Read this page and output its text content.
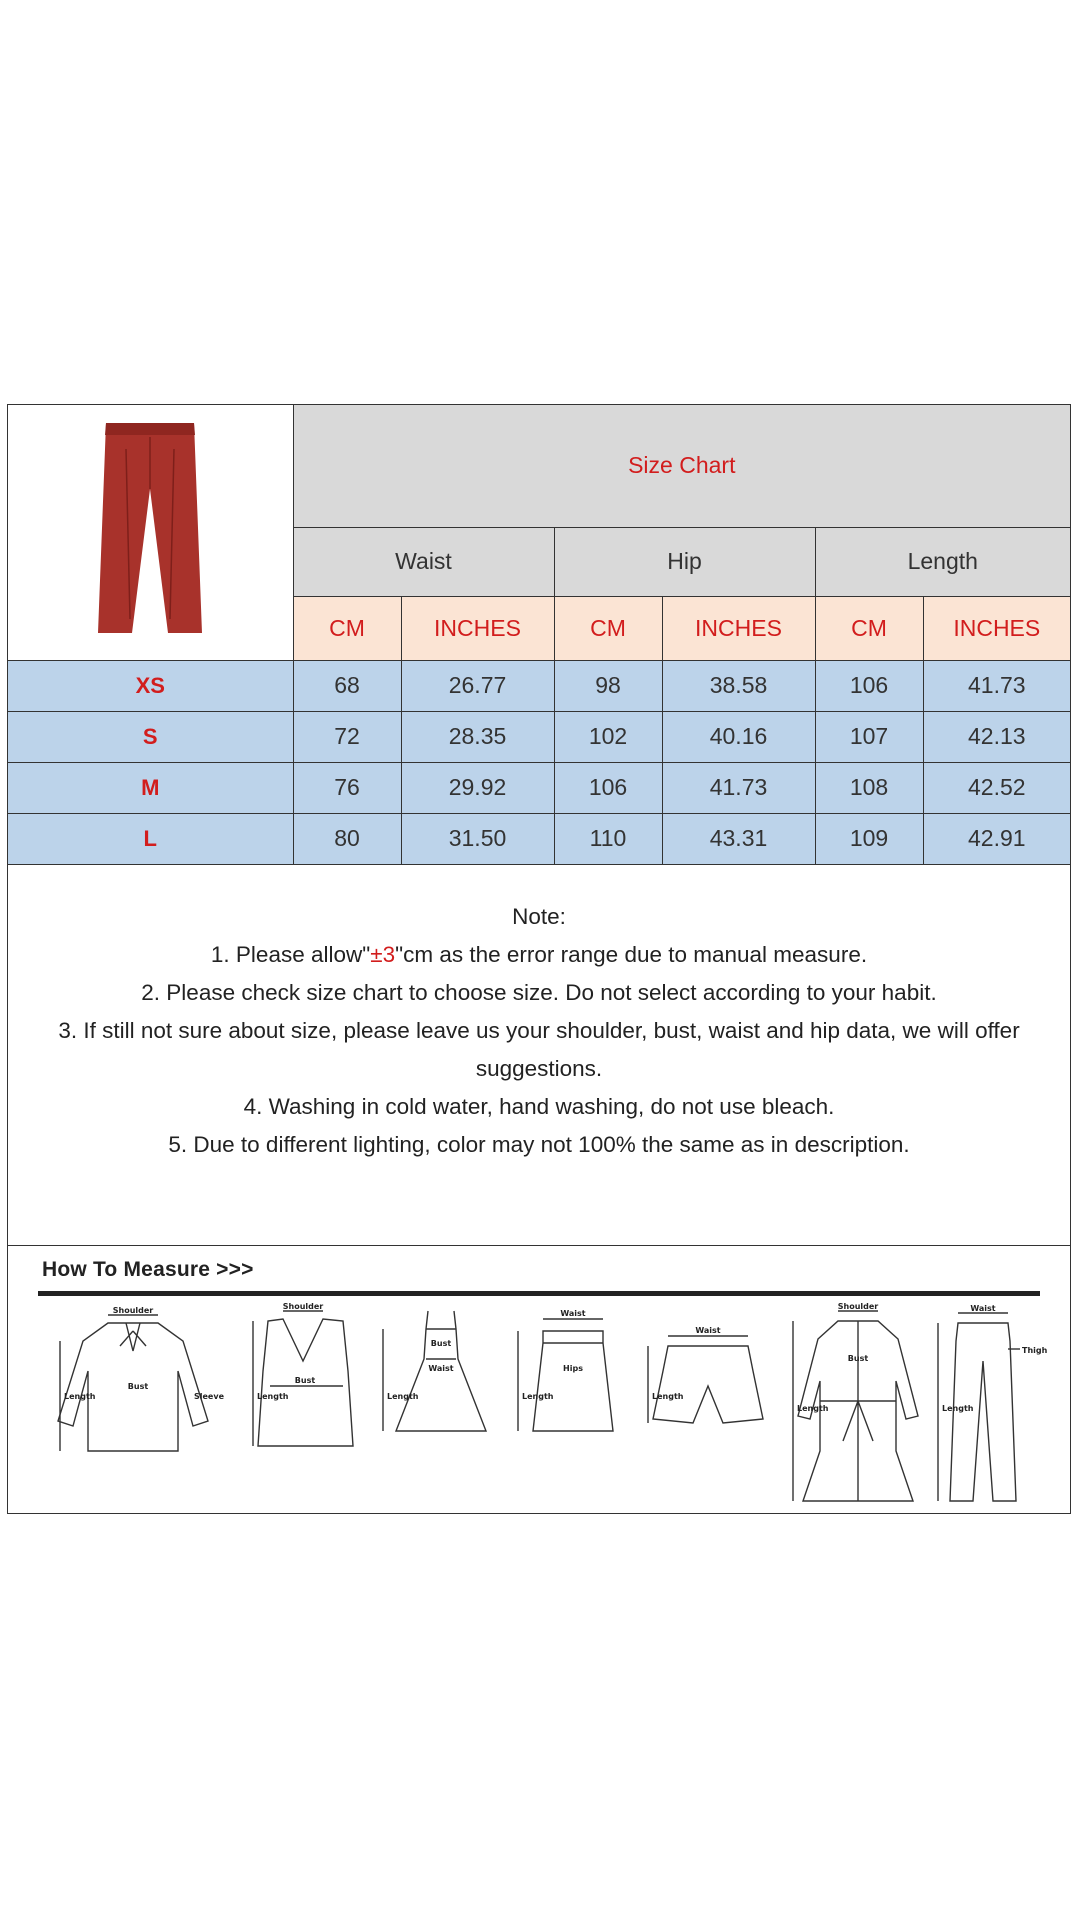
	Size Chart					
	Waist		Hip		Length	
	CM	INCHES	CM	INCHES	CM	INCHES
XS	68	26.77	98	38.58	106	41.73
S	72	28.35	102	40.16	107	42.13
M	76	29.92	106	41.73	108	42.52
L	80	31.50	110	43.31	109	42.91
Note:
1. Please allow"±3"cm as the error range due to manual measure.
2. Please check size chart to choose size. Do not select according to your habit.
3. If still not sure about size, please leave us your shoulder, bust, waist and hip data, we will offer
suggestions.
4. Washing in cold water, hand washing, do not use bleach.
5. Due to different lighting, color may not 100% the same as in description.
How To Measure >>>
Shoulder
Bust
Length	Sleeve
Shoulder
Bust
Length
Bust
Waist
Length
Waist
Hips
Length
Waist
Length
Shoulder
Bust
Length
Waist
Thigh
Length
